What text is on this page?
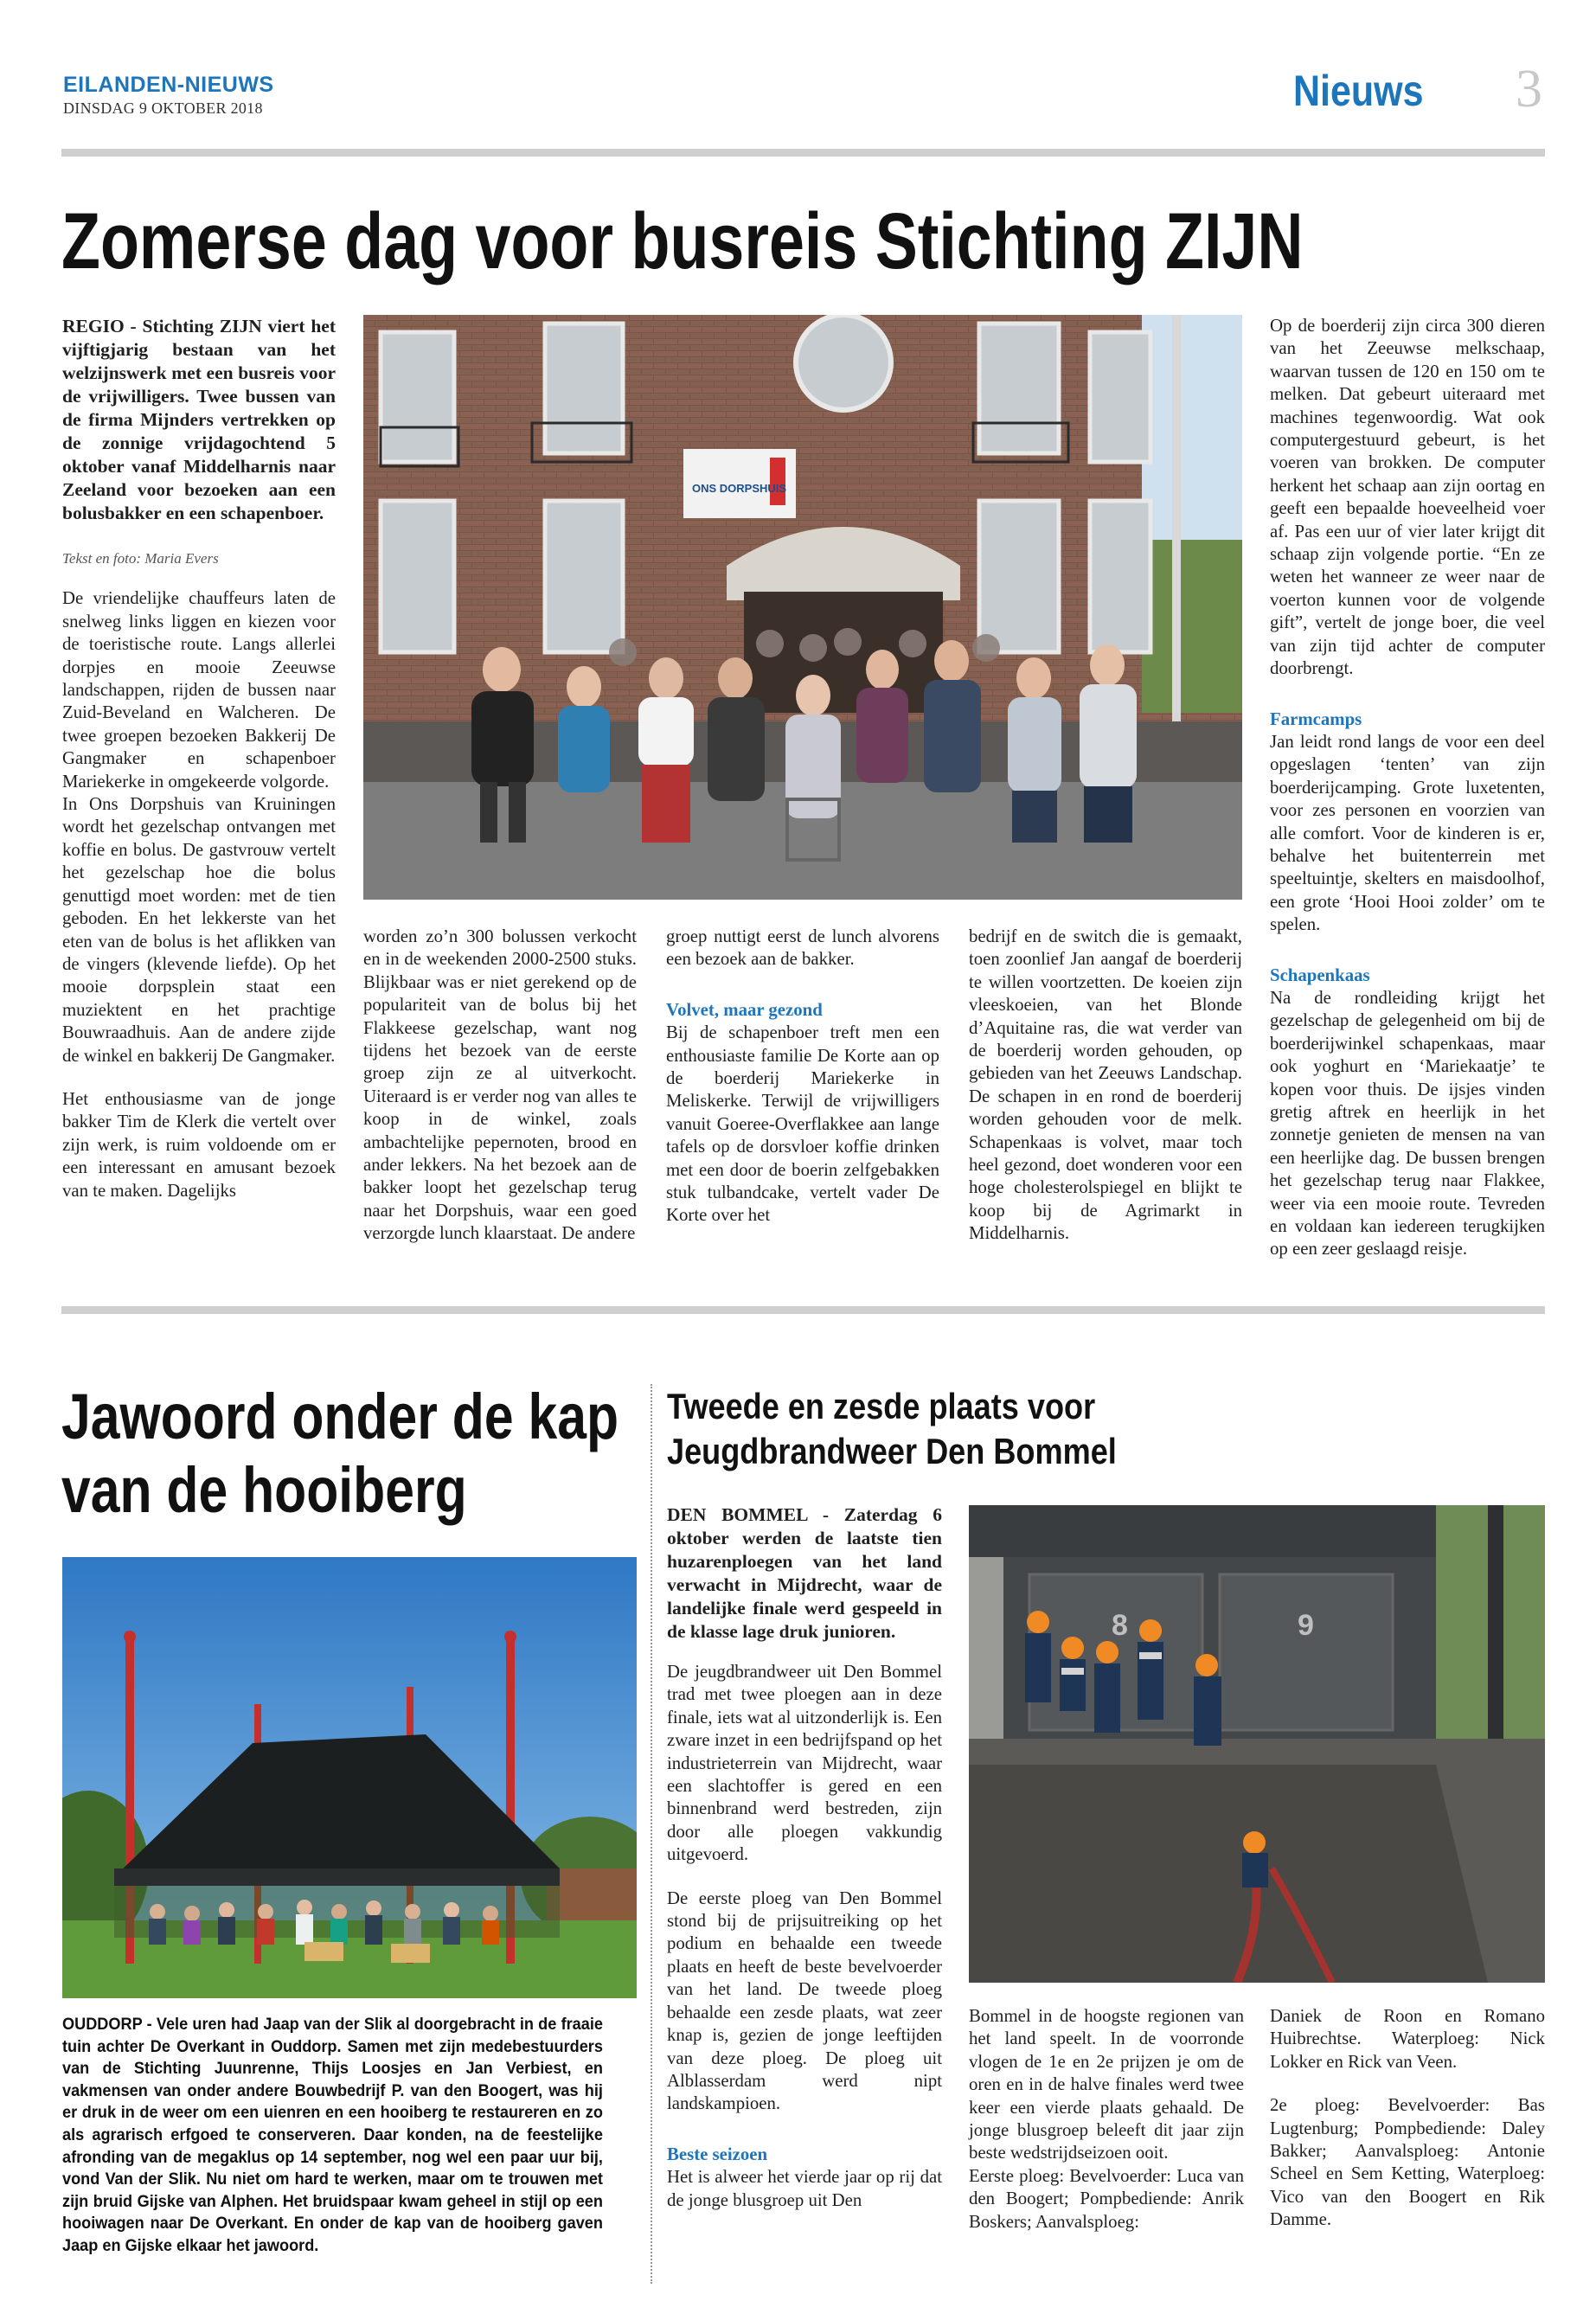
EILANDEN-NIEUWS
DINSDAG 9 OKTOBER 2018	Nieuws 3
Zomerse dag voor busreis Stichting ZIJN
REGIO - Stichting ZIJN viert het vijftigjarig bestaan van het welzijnswerk met een busreis voor de vrijwilligers. Twee bussen van de firma Mijnders vertrekken op de zonnige vrijdagochtend 5 oktober vanaf Middelharnis naar Zeeland voor bezoeken aan een bolusbakker en een schapenboer.
Tekst en foto: Maria Evers
De vriendelijke chauffeurs laten de snelweg links liggen en kiezen voor de toeristische route. Langs allerlei dorpjes en mooie Zeeuwse landschappen, rijden de bussen naar Zuid-Beveland en Walcheren. De twee groepen bezoeken Bakkerij De Gangmaker en schapenboer Mariekerke in omgekeerde volgorde.
In Ons Dorpshuis van Kruiningen wordt het gezelschap ontvangen met koffie en bolus. De gastvrouw vertelt het gezelschap hoe die bolus genuttigd moet worden: met de tien geboden. En het lekkerste van het eten van de bolus is het aflikken van de vingers (klevende liefde). Op het mooie dorpsplein staat een muziektent en het prachtige Bouwraadhuis. Aan de andere zijde de winkel en bakkerij De Gangmaker.
Het enthousiasme van de jonge bakker Tim de Klerk die vertelt over zijn werk, is ruim voldoende om er een interessant en amusant bezoek van te maken. Dagelijks
ONS DORPSHUIS
worden zo’n 300 bolussen verkocht en in de weekenden 2000-2500 stuks. Blijkbaar was er niet gerekend op de populariteit van de bolus bij het Flakkeese gezelschap, want nog tijdens het bezoek van de eerste groep zijn ze al uitverkocht. Uiteraard is er verder nog van alles te koop in de winkel, zoals ambachtelijke pepernoten, brood en ander lekkers. Na het bezoek aan de bakker loopt het gezelschap terug naar het Dorpshuis, waar een goed verzorgde lunch klaarstaat. De andere
groep nuttigt eerst de lunch alvorens een bezoek aan de bakker.
Volvet, maar gezond
Bij de schapenboer treft men een enthousiaste familie De Korte aan op de boerderij Mariekerke in Meliskerke. Terwijl de vrijwilligers vanuit Goeree-Overflakkee aan lange tafels op de dorsvloer koffie drinken met een door de boerin zelfgebakken stuk tulbandcake, vertelt vader De Korte over het
bedrijf en de switch die is gemaakt, toen zoonlief Jan aangaf de boerderij te willen voortzetten. De koeien zijn vleeskoeien, van het Blonde d’Aquitaine ras, die wat verder van de boerderij worden gehouden, op gebieden van het Zeeuws Landschap. De schapen in en rond de boerderij worden gehouden voor de melk. Schapenkaas is volvet, maar toch heel gezond, doet wonderen voor een hoge cholesterolspiegel en blijkt te koop bij de Agrimarkt in Middelharnis.
Op de boerderij zijn circa 300 dieren van het Zeeuwse melkschaap, waarvan tussen de 120 en 150 om te melken. Dat gebeurt uiteraard met machines tegenwoordig. Wat ook computergestuurd gebeurt, is het voeren van brokken. De computer herkent het schaap aan zijn oortag en geeft een bepaalde hoeveelheid voer af. Pas een uur of vier later krijgt dit schaap zijn volgende portie. “En ze weten het wanneer ze weer naar de voerton kunnen voor de volgende gift”, vertelt de jonge boer, die veel van zijn tijd achter de computer doorbrengt.
Farmcamps
Jan leidt rond langs de voor een deel opgeslagen ‘tenten’ van zijn boerderijcamping. Grote luxetenten, voor zes personen en voorzien van alle comfort. Voor de kinderen is er, behalve het buitenterrein met speeltuintje, skelters en maisdoolhof, een grote ‘Hooi Hooi zolder’ om te spelen.
Schapenkaas
Na de rondleiding krijgt het gezelschap de gelegenheid om bij de boerderijwinkel schapenkaas, maar ook yoghurt en ‘Mariekaatje’ te kopen voor thuis. De ijsjes vinden gretig aftrek en heerlijk in het zonnetje genieten de mensen na van een heerlijke dag. De bussen brengen het gezelschap terug naar Flakkee, weer via een mooie route. Tevreden en voldaan kan iedereen terugkijken op een zeer geslaagd reisje.
Jawoord onder de kap
van de hooiberg
OUDDORP - Vele uren had Jaap van der Slik al doorgebracht in de fraaie tuin achter De Overkant in Ouddorp. Samen met zijn medebestuurders van de Stichting Juunrenne, Thijs Loosjes en Jan Verbiest, en vakmensen van onder andere Bouwbedrijf P. van den Boogert, was hij er druk in de weer om een uienren en een hooiberg te restaureren en zo als agrarisch erfgoed te conserveren. Daar konden, na de feestelijke afronding van de megaklus op 14 september, nog wel een paar uur bij, vond Van der Slik. Nu niet om hard te werken, maar om te trouwen met zijn bruid Gijske van Alphen. Het bruidspaar kwam geheel in stijl op een hooiwagen naar De Overkant. En onder de kap van de hooiberg gaven Jaap en Gijske elkaar het jawoord.
Tweede en zesde plaats voor
Jeugdbrandweer Den Bommel
DEN BOMMEL - Zaterdag 6 oktober werden de laatste tien huzarenploegen van het land verwacht in Mijdrecht, waar de landelijke finale werd gespeeld in de klasse lage druk junioren.
De jeugdbrandweer uit Den Bommel trad met twee ploegen aan in deze finale, iets wat al uitzonderlijk is. Een zware inzet in een bedrijfspand op het industrieterrein van Mijdrecht, waar een slachtoffer is gered en een binnenbrand werd bestreden, zijn door alle ploegen vakkundig uitgevoerd.
De eerste ploeg van Den Bommel stond bij de prijsuitreiking op het podium en behaalde een tweede plaats en heeft de beste bevelvoerder van het land. De tweede ploeg behaalde een zesde plaats, wat zeer knap is, gezien de jonge leeftijden van deze ploeg. De ploeg uit Alblasserdam werd nipt landskampioen.
Beste seizoen
Het is alweer het vierde jaar op rij dat de jonge blusgroep uit Den
8	9
Bommel in de hoogste regionen van het land speelt. In de voorronde vlogen de 1e en 2e prijzen je om de oren en in de halve finales werd twee keer een vierde plaats gehaald. De jonge blusgroep beleeft dit jaar zijn beste wedstrijdseizoen ooit.
Eerste ploeg: Bevelvoerder: Luca van den Boogert; Pompbediende: Anrik Boskers; Aanvalsploeg:
Daniek de Roon en Romano Huibrechtse. Waterploeg: Nick Lokker en Rick van Veen.
2e ploeg: Bevelvoerder: Bas Lugtenburg; Pompbediende: Daley Bakker; Aanvalsploeg: Antonie Scheel en Sem Ketting, Waterploeg: Vico van den Boogert en Rik Damme.
